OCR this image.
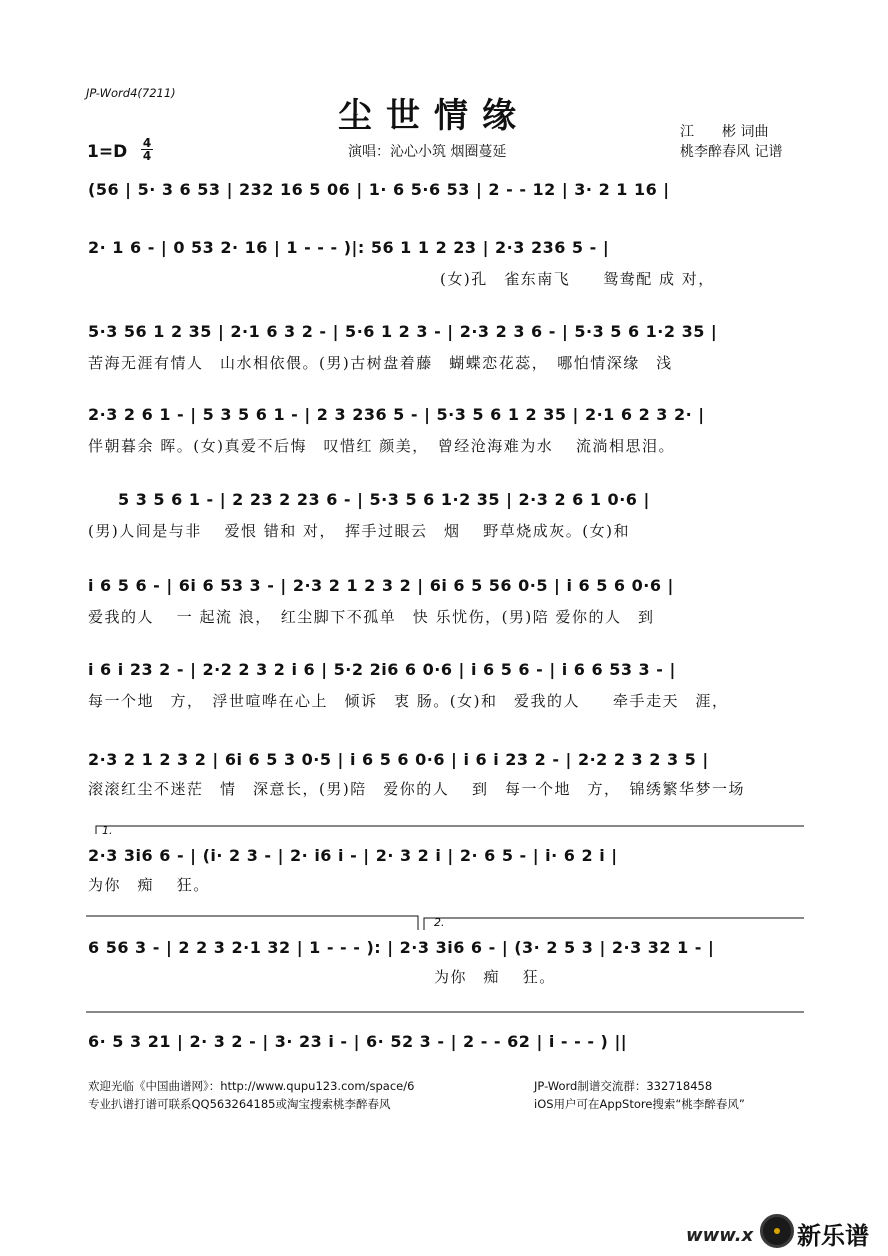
JP-Word4(7211)
尘世情缘
演唱：沁心小筑 烟圈蔓延
江　　彬 词曲
桃李醉春风 记谱
1=D 4
4
(56 | 5· 3 6 53 | 232 16 5 06 | 1· 6 5·6 53 | 2 - - 12 | 3· 2 1 16 |
2· 1 6 - | 0 53 2· 16 | 1 - - - )|: 56 1 1 2 23 | 2·3 236 5 - |
(女)孔　雀东南飞　　鸳鸯配 成 对，
5·3 56 1 2 35 | 2·1 6 3 2 - | 5·6 1 2 3 - | 2·3 2 3 6 - | 5·3 5 6 1·2 35 |
苦海无涯有情人　山水相依偎。(男)古树盘着藤　蝴蝶恋花蕊，　哪怕情深缘　浅
2·3 2 6 1 - | 5 3 5 6 1 - | 2 3 236 5 - | 5·3 5 6 1 2 35 | 2·1 6 2 3 2· |
伴朝暮余 晖。(女)真爱不后悔　叹惜红 颜美，　曾经沧海难为水　 流淌相思泪。
5 3 5 6 1 - | 2 23 2 23 6 - | 5·3 5 6 1·2 35 | 2·3 2 6 1 0·6 |
(男)人间是与非　 爱恨 错和 对，　挥手过眼云　烟　 野草烧成灰。(女)和
i 6 5 6 - | 6i 6 53 3 - | 2·3 2 1 2 3 2 | 6i 6 5 56 0·5 | i 6 5 6 0·6 |
爱我的人　 一 起流 浪，　红尘脚下不孤单　快 乐忧伤，(男)陪 爱你的人　到
i 6 i 23 2 - | 2·2 2 3 2 i 6 | 5·2 2i6 6 0·6 | i 6 5 6 - | i 6 6 53 3 - |
每一个地　方，　浮世喧哗在心上　倾诉　衷 肠。(女)和　爱我的人　　牵手走天　涯，
2·3 2 1 2 3 2 | 6i 6 5 3 0·5 | i 6 5 6 0·6 | i 6 i 23 2 - | 2·2 2 3 2 3 5 |
滚滚红尘不迷茫　情　深意长，(男)陪　爱你的人　 到　每一个地　方，　锦绣繁华梦一场
1.
2·3 3i6 6 - | (i· 2 3 - | 2· i6 i - | 2· 3 2 i | 2· 6 5 - | i· 6 2 i |
为你　痴　 狂。
2.
6 56 3 - | 2 2 3 2·1 32 | 1 - - - ): | 2·3 3i6 6 - | (3· 2 5 3 | 2·3 32 1 - |
为你　痴　 狂。
6· 5 3 21 | 2· 3 2 - | 3· 23 i - | 6· 52 3 - | 2 - - 62 | i - - - ) ||
欢迎光临《中国曲谱网》：http://www.qupu123.com/space/6
专业扒谱打谱可联系QQ563264185或淘宝搜索桃李醉春风
JP-Word制谱交流群：332718458
iOS用户可在AppStore搜索“桃李醉春风”
www.x 新乐谱
